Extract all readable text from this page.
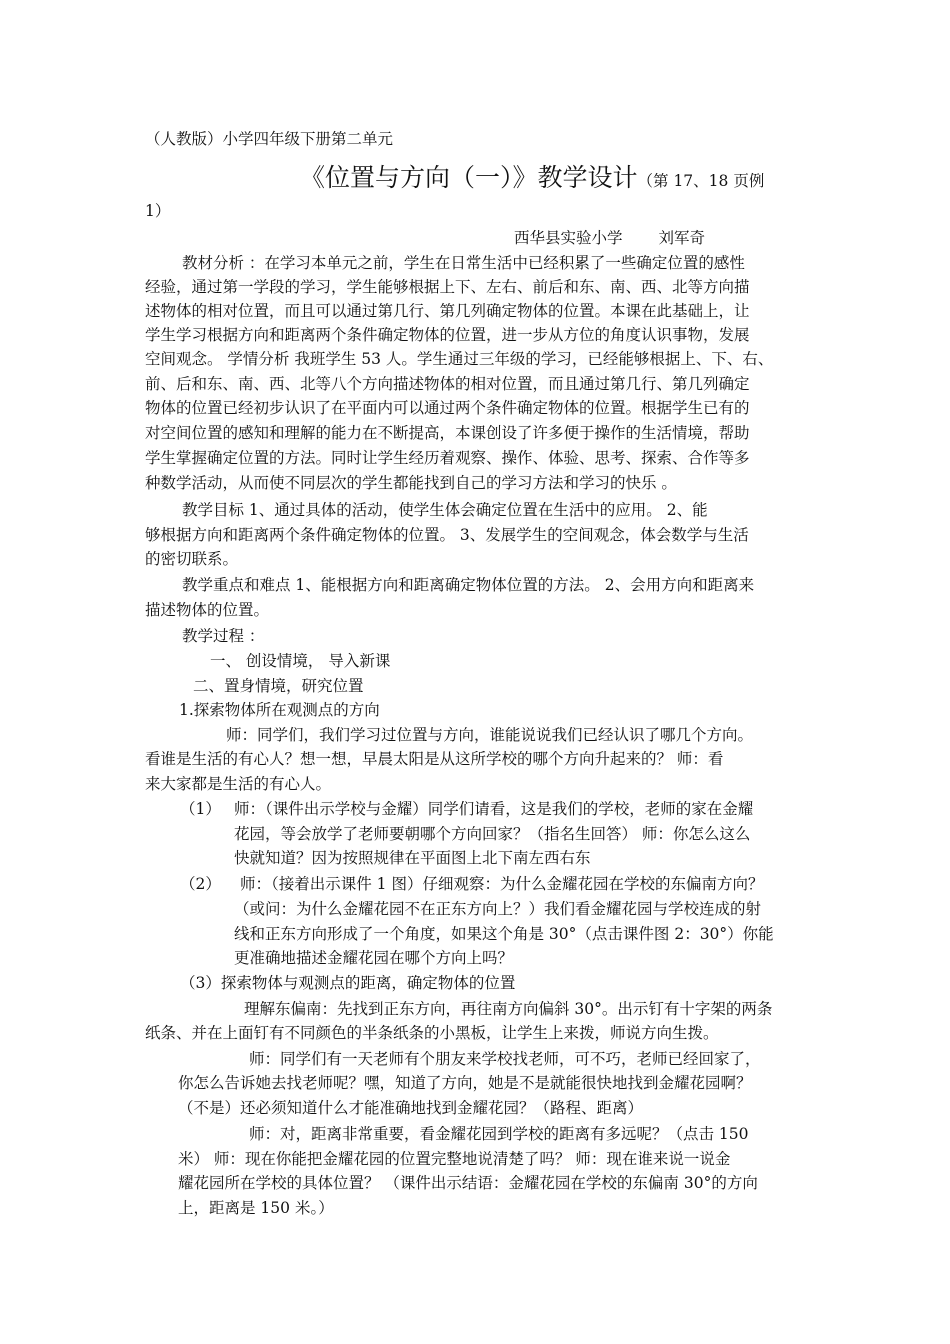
（人教版）小学四年级下册第二单元
《位置与方向（一）》教学设计（第 17、18 页例
1）
西华县实验小学 刘军奇
教材分析 ：在学习本单元之前，学生在日常生活中已经积累了一些确定位置的感性
经验，通过第一学段的学习，学生能够根据上下、左右、前后和东、南、西、北等方向描
述物体的相对位置，而且可以通过第几行、第几列确定物体的位置。本课在此基础上，让
学生学习根据方向和距离两个条件确定物体的位置，进一步从方位的角度认识事物，发展
空间观念。 学情分析 我班学生 53 人。学生通过三年级的学习，已经能够根据上、下、右、
前、后和东、南、西、北等八个方向描述物体的相对位置，而且通过第几行、第几列确定
物体的位置已经初步认识了在平面内可以通过两个条件确定物体的位置。根据学生已有的
对空间位置的感知和理解的能力在不断提高，本课创设了许多便于操作的生活情境，帮助
学生掌握确定位置的方法。同时让学生经历着观察、操作、体验、思考、探索、合作等多
种数学活动，从而使不同层次的学生都能找到自己的学习方法和学习的快乐 。
教学目标 1、通过具体的活动，使学生体会确定位置在生活中的应用。 2、能
够根据方向和距离两个条件确定物体的位置。 3、发展学生的空间观念，体会数学与生活
的密切联系。
教学重点和难点 1、能根据方向和距离确定物体位置的方法。 2、会用方向和距离来
描述物体的位置。
教学过程 ：
一、 创设情境， 导入新课
二、置身情境，研究位置
1.探索物体所在观测点的方向
师：同学们，我们学习过位置与方向，谁能说说我们已经认识了哪几个方向。
看谁是生活的有心人？想一想，早晨太阳是从这所学校的哪个方向升起来的？ 师：看
来大家都是生活的有心人。
（1） 师：（课件出示学校与金耀）同学们请看，这是我们的学校，老师的家在金耀
花园，等会放学了老师要朝哪个方向回家？（指名生回答） 师：你怎么这么
快就知道？因为按照规律在平面图上北下南左西右东
（2）	师：（接着出示课件 1 图）仔细观察：为什么金耀花园在学校的东偏南方向？
（或问：为什么金耀花园不在正东方向上？）我们看金耀花园与学校连成的射
线和正东方向形成了一个角度，如果这个角是 30°（点击课件图 2：30°）你能
更准确地描述金耀花园在哪个方向上吗？
（3）探索物体与观测点的距离，确定物体的位置
理解东偏南：先找到正东方向，再往南方向偏斜 30°。出示钉有十字架的两条
纸条、并在上面钉有不同颜色的半条纸条的小黑板，让学生上来拨，师说方向生拨。
师：同学们有一天老师有个朋友来学校找老师，可不巧，老师已经回家了，
你怎么告诉她去找老师呢？嘿，知道了方向，她是不是就能很快地找到金耀花园啊？
（不是）还必须知道什么才能准确地找到金耀花园？（路程、距离）
师：对，距离非常重要，看金耀花园到学校的距离有多远呢？（点击 150
米） 师：现在你能把金耀花园的位置完整地说清楚了吗？ 师：现在谁来说一说金
耀花园所在学校的具体位置？ （课件出示结语：金耀花园在学校的东偏南 30°的方向
上，距离是 150 米。）
